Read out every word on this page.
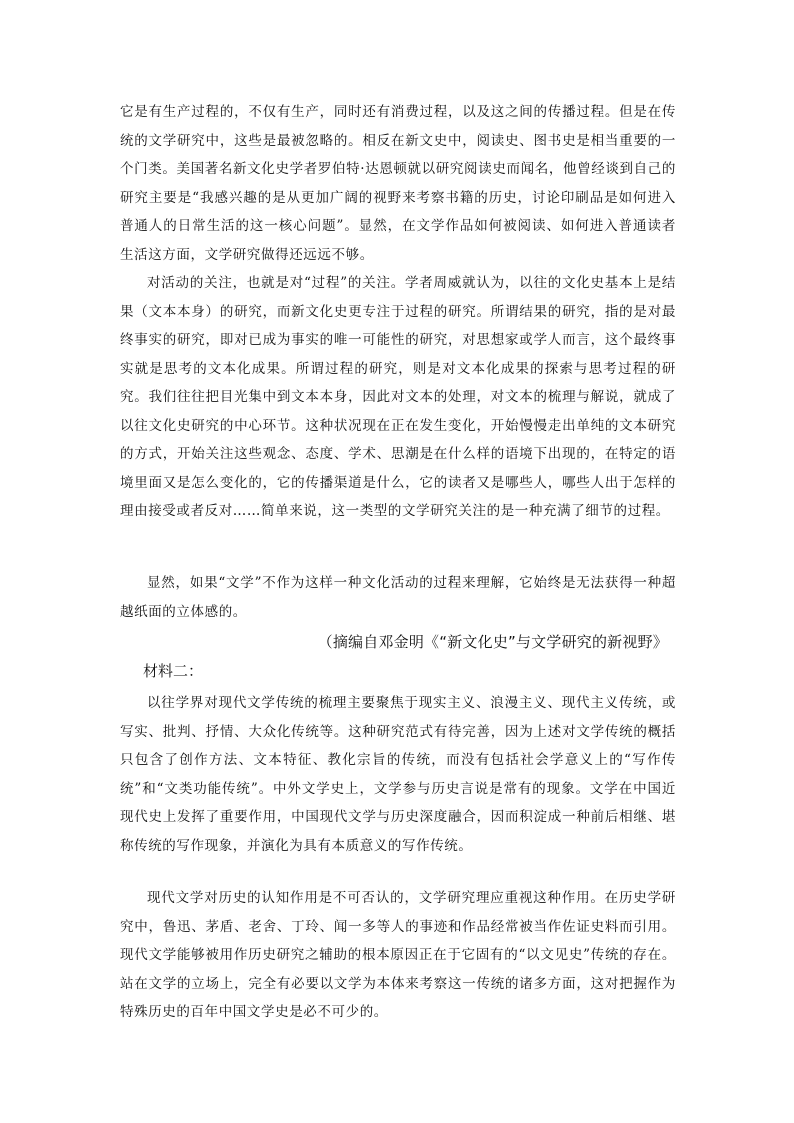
它是有生产过程的，不仅有生产，同时还有消费过程，以及这之间的传播过程。但是在传统的文学研究中，这些是最被忽略的。相反在新文史中，阅读史、图书史是相当重要的一个门类。美国著名新文化史学者罗伯特·达恩顿就以研究阅读史而闻名，他曾经谈到自己的研究主要是“我感兴趣的是从更加广阔的视野来考察书籍的历史，讨论印刷品是如何进入普通人的日常生活的这一核心问题”。显然，在文学作品如何被阅读、如何进入普通读者生活这方面，文学研究做得还远远不够。

对活动的关注，也就是对“过程”的关注。学者周威就认为，以往的文化史基本上是结果（文本本身）的研究，而新文化史更专注于过程的研究。所谓结果的研究，指的是对最终事实的研究，即对已成为事实的唯一可能性的研究，对思想家或学人而言，这个最终事实就是思考的文本化成果。所谓过程的研究，则是对文本化成果的探索与思考过程的研究。我们往往把目光集中到文本本身，因此对文本的处理，对文本的梳理与解说，就成了以往文化史研究的中心环节。这种状况现在正在发生变化，开始慢慢走出单纯的文本研究的方式，开始关注这些观念、态度、学术、思潮是在什么样的语境下出现的，在特定的语境里面又是怎么变化的，它的传播渠道是什么，它的读者又是哪些人，哪些人出于怎样的理由接受或者反对……简单来说，这一类型的文学研究关注的是一种充满了细节的过程。

显然，如果“文学”不作为这样一种文化活动的过程来理解，它始终是无法获得一种超越纸面的立体感的。

（摘编自邓金明《“新文化史”与文学研究的新视野》
材料二：

以往学界对现代文学传统的梳理主要聚焦于现实主义、浪漫主义、现代主义传统，或写实、批判、抒情、大众化传统等。这种研究范式有待完善，因为上述对文学传统的概括只包含了创作方法、文本特征、教化宗旨的传统，而没有包括社会学意义上的“写作传统”和“文类功能传统”。中外文学史上，文学参与历史言说是常有的现象。文学在中国近现代史上发挥了重要作用，中国现代文学与历史深度融合，因而积淀成一种前后相继、堪称传统的写作现象，并演化为具有本质意义的写作传统。

现代文学对历史的认知作用是不可否认的，文学研究理应重视这种作用。在历史学研究中，鲁迅、茅盾、老舍、丁玲、闻一多等人的事迹和作品经常被当作佐证史料而引用。现代文学能够被用作历史研究之辅助的根本原因正在于它固有的“以文见史”传统的存在。站在文学的立场上，完全有必要以文学为本体来考察这一传统的诸多方面，这对把握作为特殊历史的百年中国文学史是必不可少的。
